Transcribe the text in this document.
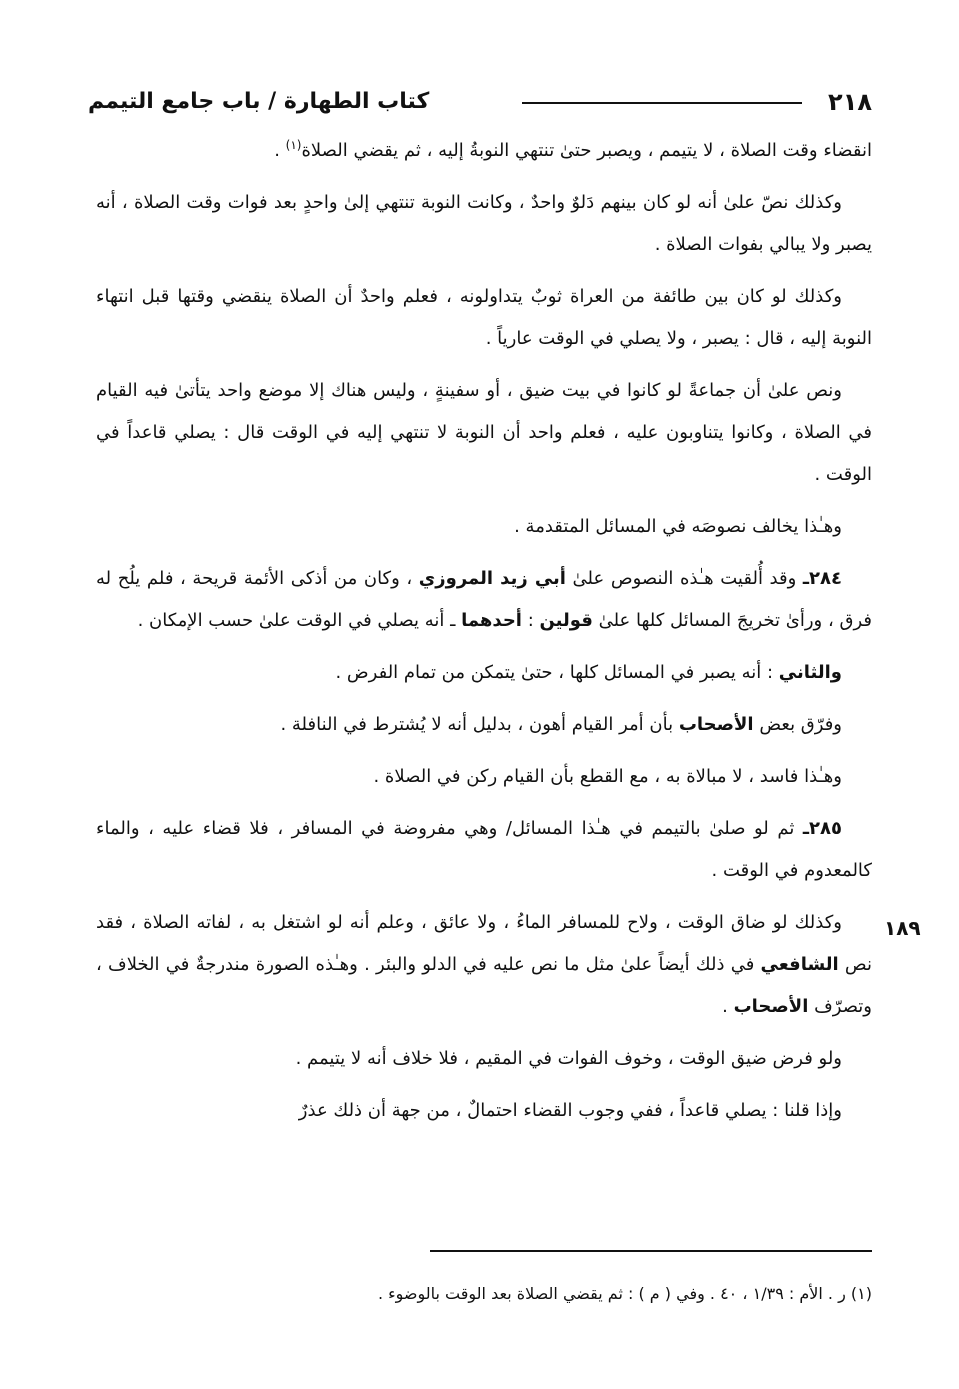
٢١٨
كتاب الطهارة / باب جامع التيمم
١٨٩

انقضاء وقت الصلاة ، لا يتيمم ، ويصبر حتىٰ تنتهي النوبةُ إليه ، ثم يقضي الصلاة$^{(١)}$ .

وكذلك نصّ علىٰ أنه لو كان بينهم دَلوٌ واحدٌ ، وكانت النوبة تنتهي إلىٰ واحدٍ بعد فوات وقت الصلاة ، أنه يصبر ولا يبالي بفوات الصلاة .

وكذلك لو كان بين طائفة من العراة ثوبٌ يتداولونه ، فعلم واحدٌ أن الصلاة ينقضي وقتها قبل انتهاء النوبة إليه ، قال : يصبر ، ولا يصلي في الوقت عارياً .

ونص علىٰ أن جماعةً لو كانوا في بيت ضيق ، أو سفينةٍ ، وليس هناك إلا موضع واحد يتأتىٰ فيه القيام في الصلاة ، وكانوا يتناوبون عليه ، فعلم واحد أن النوبة لا تنتهي إليه في الوقت قال : يصلي قاعداً في الوقت .

وهـٰذا يخالف نصوصَه في المسائل المتقدمة .

٢٨٤ـ وقد أُلقيت هـٰذه النصوص علىٰ أبي زيد المروزي ، وكان من أذكى الأئمة قريحة ، فلم يلُح له فرق ، ورأىٰ تخريجَ المسائل كلها علىٰ قولين : أحدهما ـ أنه يصلي في الوقت علىٰ حسب الإمكان .

والثاني : أنه يصبر في المسائل كلها ، حتىٰ يتمكن من تمام الفرض .

وفرّق بعض الأصحاب بأن أمر القيام أهون ، بدليل أنه لا يُشترط في النافلة .

وهـٰذا فاسد ، لا مبالاة به ، مع القطع بأن القيام ركن في الصلاة .

٢٨٥ـ ثم لو صلىٰ بالتيمم في هـٰذا المسائل/ وهي مفروضة في المسافر ، فلا قضاء عليه ، والماء كالمعدوم في الوقت .

وكذلك لو ضاق الوقت ، ولاح للمسافر الماءُ ، ولا عائق ، وعلم أنه لو اشتغل به ، لفاته الصلاة ، فقد نص الشافعي في ذلك أيضاً علىٰ مثل ما نص عليه في الدلو والبئر . وهـٰذه الصورة مندرجةٌ في الخلاف ، وتصرّف الأصحاب .

ولو فرض ضيق الوقت ، وخوف الفوات في المقيم ، فلا خلاف أنه لا يتيمم .

وإذا قلنا : يصلي قاعداً ، ففي وجوب القضاء احتمالٌ ، من جهة أن ذلك عذرٌ

(١) ر . الأم : ١/٣٩ ، ٤٠ . وفي ( م ) : ثم يقضي الصلاة بعد الوقت بالوضوء .
